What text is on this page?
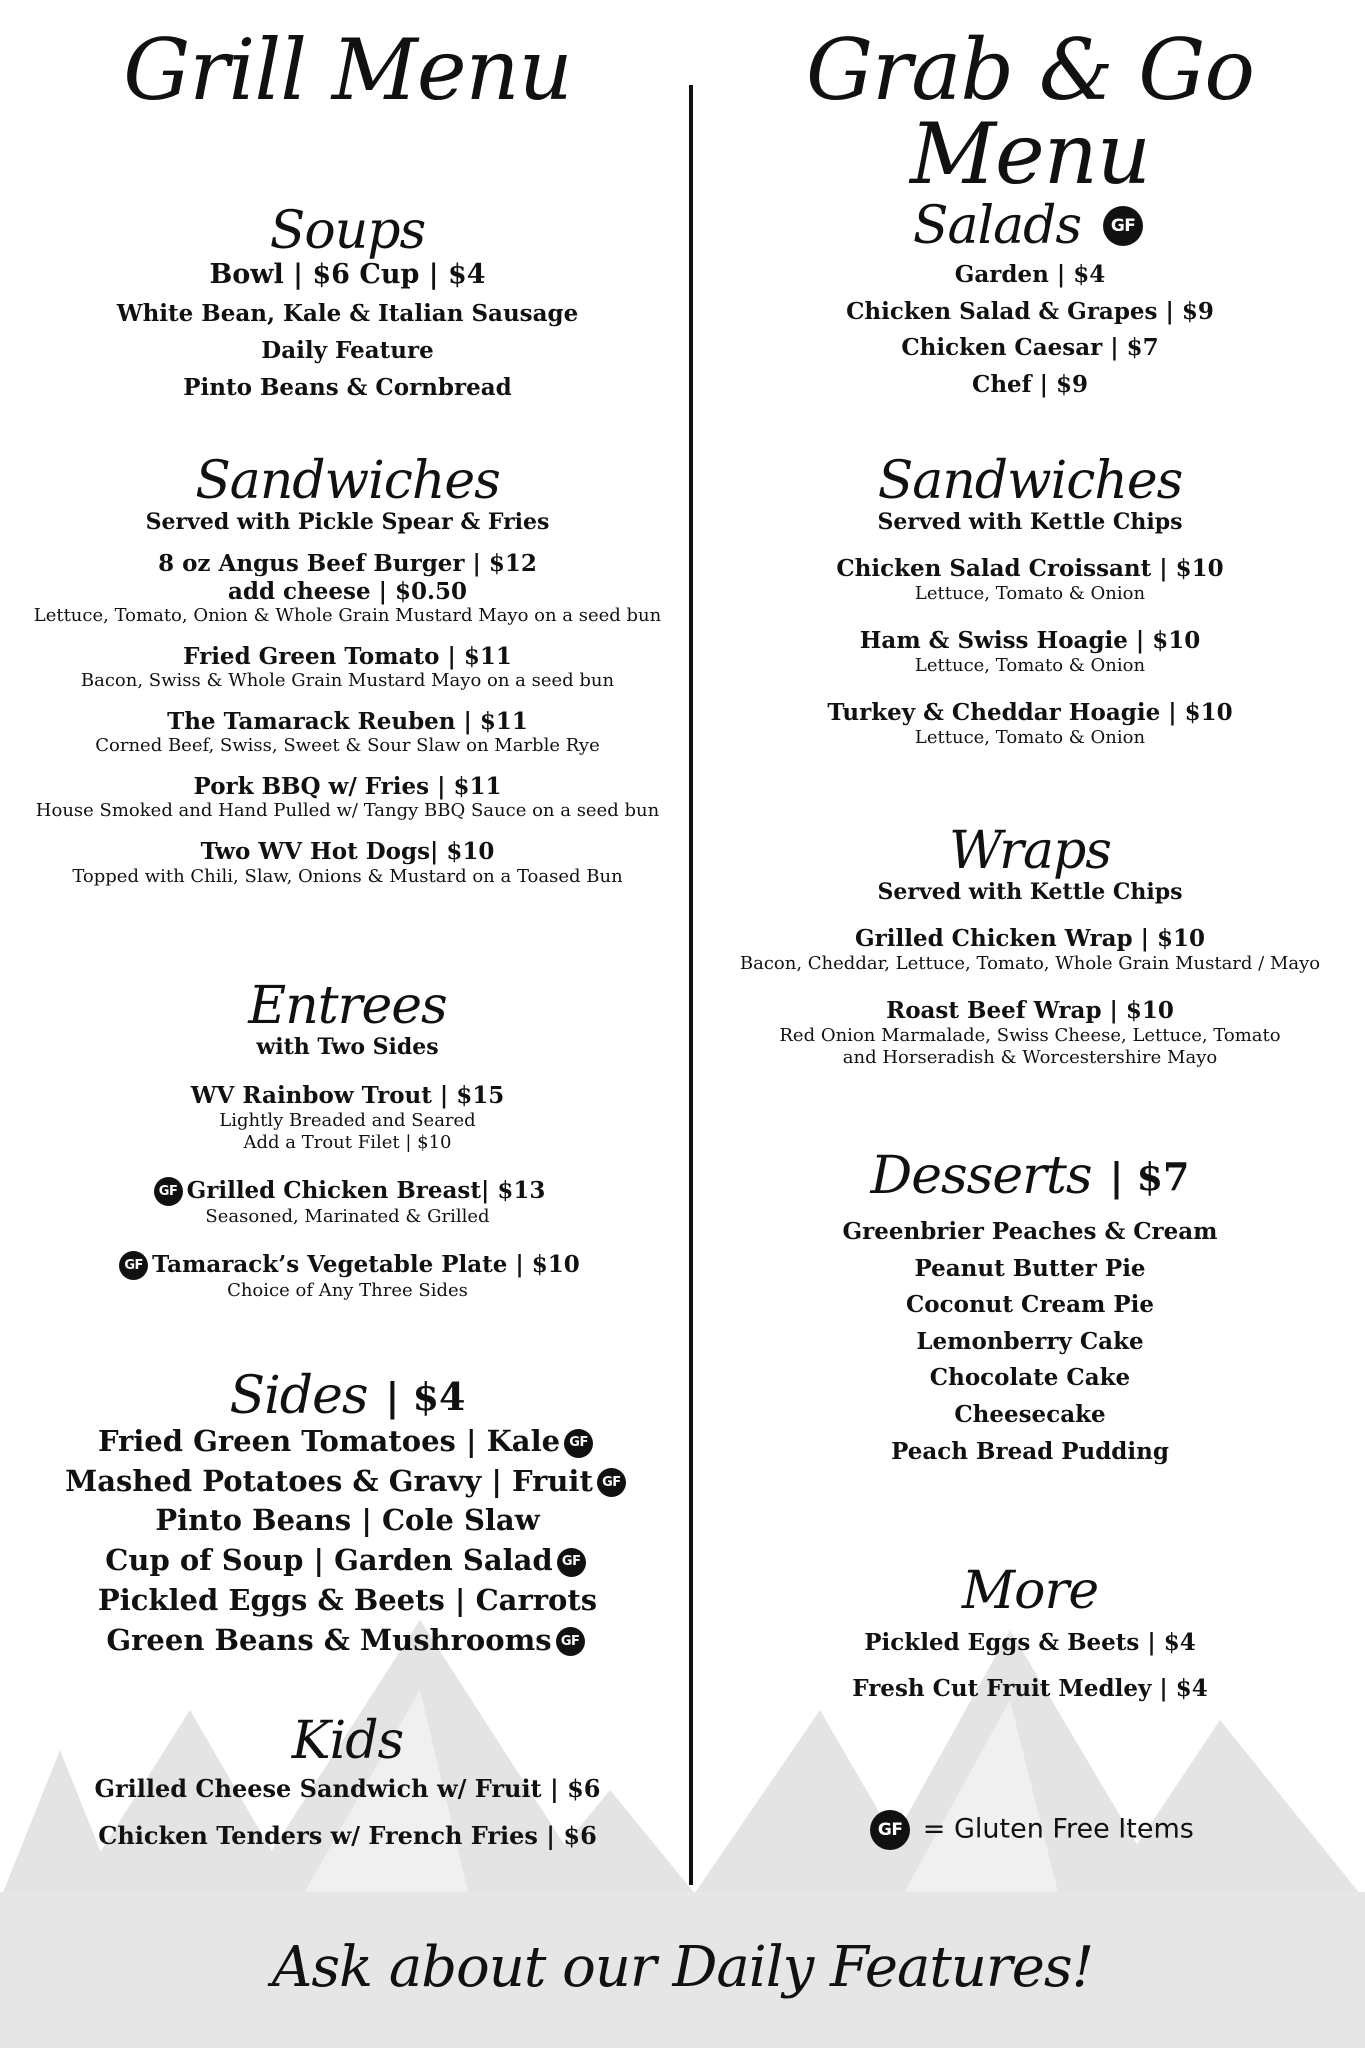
Grill Menu
Soups
Bowl | $6 Cup | $4
White Bean, Kale & Italian Sausage
Daily Feature
Pinto Beans & Cornbread
Sandwiches
Served with Pickle Spear & Fries
8 oz Angus Beef Burger | $12
add cheese | $0.50
Lettuce, Tomato, Onion & Whole Grain Mustard Mayo on a seed bun
Fried Green Tomato | $11
Bacon, Swiss & Whole Grain Mustard Mayo on a seed bun
The Tamarack Reuben | $11
Corned Beef, Swiss, Sweet & Sour Slaw on Marble Rye
Pork BBQ w/ Fries | $11
House Smoked and Hand Pulled w/ Tangy BBQ Sauce on a seed bun
Two WV Hot Dogs| $10
Topped with Chili, Slaw, Onions & Mustard on a Toased Bun
Entrees
with Two Sides
WV Rainbow Trout | $15
Lightly Breaded and Seared
Add a Trout Filet | $10
GF Grilled Chicken Breast| $13
Seasoned, Marinated & Grilled
GF Tamarack’s Vegetable Plate | $10
Choice of Any Three Sides
Sides | $4
Fried Green Tomatoes | Kale GF
Mashed Potatoes & Gravy | Fruit GF
Pinto Beans | Cole Slaw
Cup of Soup | Garden Salad GF
Pickled Eggs & Beets | Carrots
Green Beans & Mushrooms GF
Kids
Grilled Cheese Sandwich w/ Fruit | $6
Chicken Tenders w/ French Fries | $6
Grab & Go Menu
Salads	GF
Garden | $4
Chicken Salad & Grapes | $9
Chicken Caesar | $7
Chef | $9
Sandwiches
Served with Kettle Chips
Chicken Salad Croissant | $10
Lettuce, Tomato & Onion
Ham & Swiss Hoagie | $10
Lettuce, Tomato & Onion
Turkey & Cheddar Hoagie | $10
Lettuce, Tomato & Onion
Wraps
Served with Kettle Chips
Grilled Chicken Wrap | $10
Bacon, Cheddar, Lettuce, Tomato, Whole Grain Mustard / Mayo
Roast Beef Wrap | $10
Red Onion Marmalade, Swiss Cheese, Lettuce, Tomato
and Horseradish & Worcestershire Mayo
Desserts | $7
Greenbrier Peaches & Cream
Peanut Butter Pie
Coconut Cream Pie
Lemonberry Cake
Chocolate Cake
Cheesecake
Peach Bread Pudding
More
Pickled Eggs & Beets | $4
Fresh Cut Fruit Medley | $4
GF = Gluten Free Items
Ask about our Daily Features!
